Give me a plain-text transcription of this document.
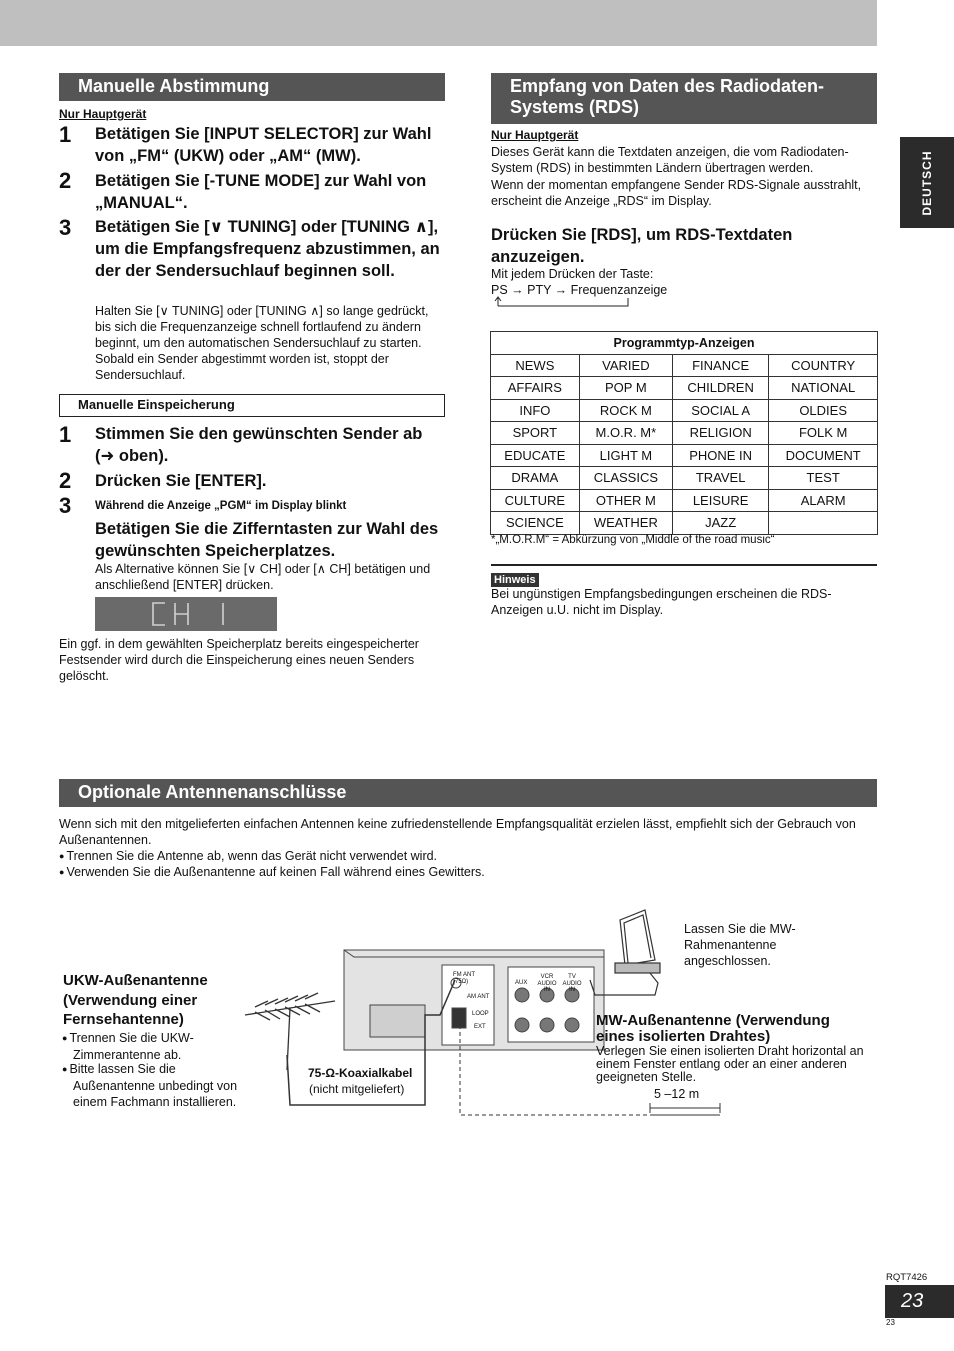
DEUTSCH
Manuelle Abstimmung
Nur Hauptgerät
1 Betätigen Sie [INPUT SELECTOR] zur Wahl von „FM“ (UKW) oder „AM“ (MW).
2 Betätigen Sie [-TUNE MODE] zur Wahl von „MANUAL“.
3 Betätigen Sie [∨ TUNING] oder [TUNING ∧], um die Empfangsfrequenz abzustimmen, an der der Sendersuchlauf beginnen soll.
Halten Sie [∨ TUNING] oder [TUNING ∧] so lange gedrückt, bis sich die Frequenzanzeige schnell fortlaufend zu ändern beginnt, um den automatischen Sendersuchlauf zu starten. Sobald ein Sender abgestimmt worden ist, stoppt der Sendersuchlauf.
Manuelle Einspeicherung
1 Stimmen Sie den gewünschten Sender ab (➜ oben).
2 Drücken Sie [ENTER].
3 Während die Anzeige „PGM“ im Display blinkt
Betätigen Sie die Zifferntasten zur Wahl des gewünschten Speicherplatzes.
Als Alternative können Sie [∨ CH] oder [∧ CH] betätigen und anschließend [ENTER] drücken.
Ein ggf. in dem gewählten Speicherplatz bereits eingespeicherter Festsender wird durch die Einspeicherung eines neuen Senders gelöscht.
Empfang von Daten des Radiodaten-Systems (RDS)
Nur Hauptgerät
Dieses Gerät kann die Textdaten anzeigen, die vom Radiodaten-System (RDS) in bestimmten Ländern übertragen werden.
Wenn der momentan empfangene Sender RDS-Signale ausstrahlt, erscheint die Anzeige „RDS“ im Display.
Drücken Sie [RDS], um RDS-Textdaten anzuzeigen.
Mit jedem Drücken der Taste:
PS → PTY → Frequenzanzeige
Programmtyp-Anzeigen			
NEWS	VARIED	FINANCE	COUNTRY
AFFAIRS	POP M	CHILDREN	NATIONAL
INFO	ROCK M	SOCIAL A	OLDIES
SPORT	M.O.R. M*	RELIGION	FOLK M
EDUCATE	LIGHT M	PHONE IN	DOCUMENT
DRAMA	CLASSICS	TRAVEL	TEST
CULTURE	OTHER M	LEISURE	ALARM
SCIENCE	WEATHER	JAZZ	
*„M.O.R.M“ = Abkürzung von „Middle of the road music“
Hinweis
Bei ungünstigen Empfangsbedingungen erscheinen die RDS-Anzeigen u.U. nicht im Display.
Optionale Antennenanschlüsse
Wenn sich mit den mitgelieferten einfachen Antennen keine zufriedenstellende Empfangsqualität erzielen lässt, empfiehlt sich der Gebrauch von Außenantennen.
● Trennen Sie die Antenne ab, wenn das Gerät nicht verwendet wird.
● Verwenden Sie die Außenantenne auf keinen Fall während eines Gewitters.
UKW-Außenantenne (Verwendung einer Fernsehantenne)
● Trennen Sie die UKW-Zimmerantenne ab.
● Bitte lassen Sie die Außenantenne unbedingt von einem Fachmann installieren.
FM ANT
(75Ω)
AM ANT
LOOP
EXT
AUX
VCR AUDIO IN
TV AUDIO IN
75-Ω-Koaxialkabel
(nicht mitgeliefert)
Lassen Sie die MW-Rahmenantenne angeschlossen.
MW-Außenantenne (Verwendung eines isolierten Drahtes)
Verlegen Sie einen isolierten Draht horizontal an einem Fenster entlang oder an einer anderen geeigneten Stelle.
5 –12 m
RQT7426
23
23
